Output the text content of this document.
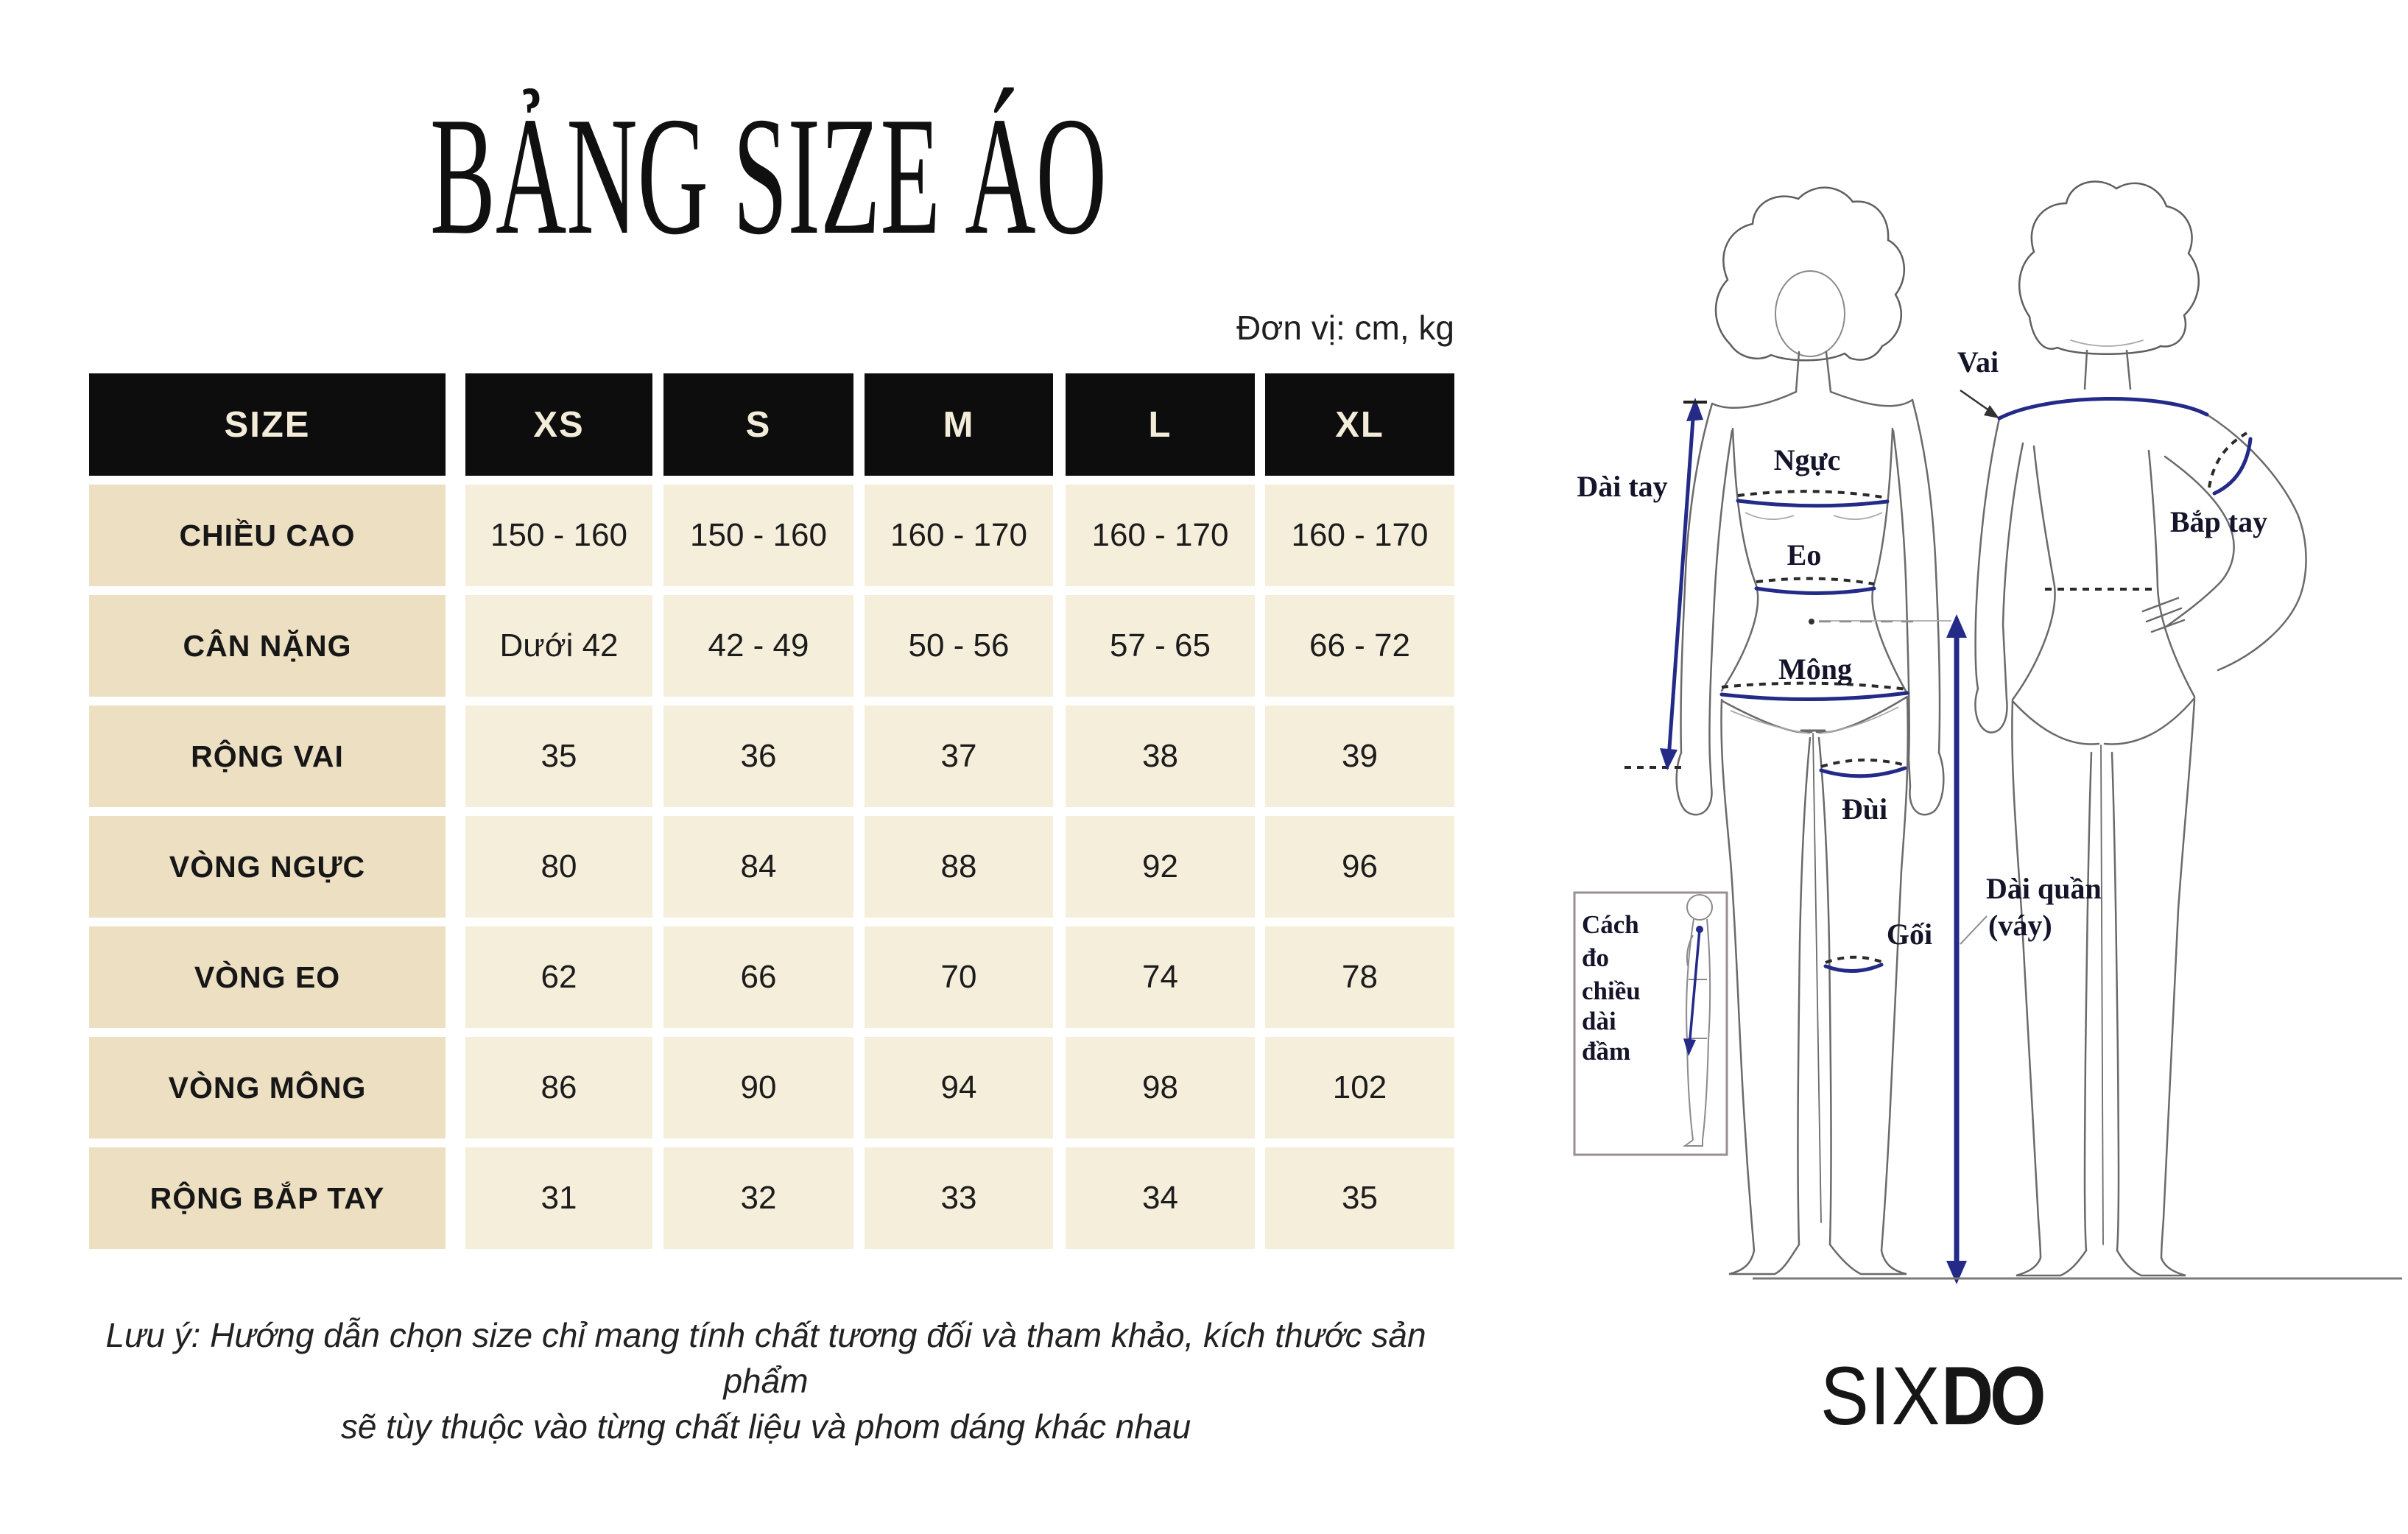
BẢNG SIZE ÁO
Đơn vị: cm, kg
SIZE	XS	S	M	L	XL
CHIỀU CAO	150 - 160	150 - 160	160 - 170	160 - 170	160 - 170
CÂN NẶNG	Dưới 42	42 - 49	50 - 56	57 - 65	66 - 72
RỘNG VAI	35	36	37	38	39
VÒNG NGỰC	80	84	88	92	96
VÒNG EO	62	66	70	74	78
VÒNG MÔNG	86	90	94	98	102
RỘNG BẮP TAY	31	32	33	34	35
Lưu ý: Hướng dẫn chọn size chỉ mang tính chất tương đối và tham khảo, kích thước sản phẩm
sẽ tùy thuộc vào từng chất liệu và phom dáng khác nhau
Cách
đo
chiều
dài
đầm
Ngực
Eo
Mông
Đùi
Gối
Dài tay
Vai
Bắp tay
Dài quần
(váy)
SIXDO
